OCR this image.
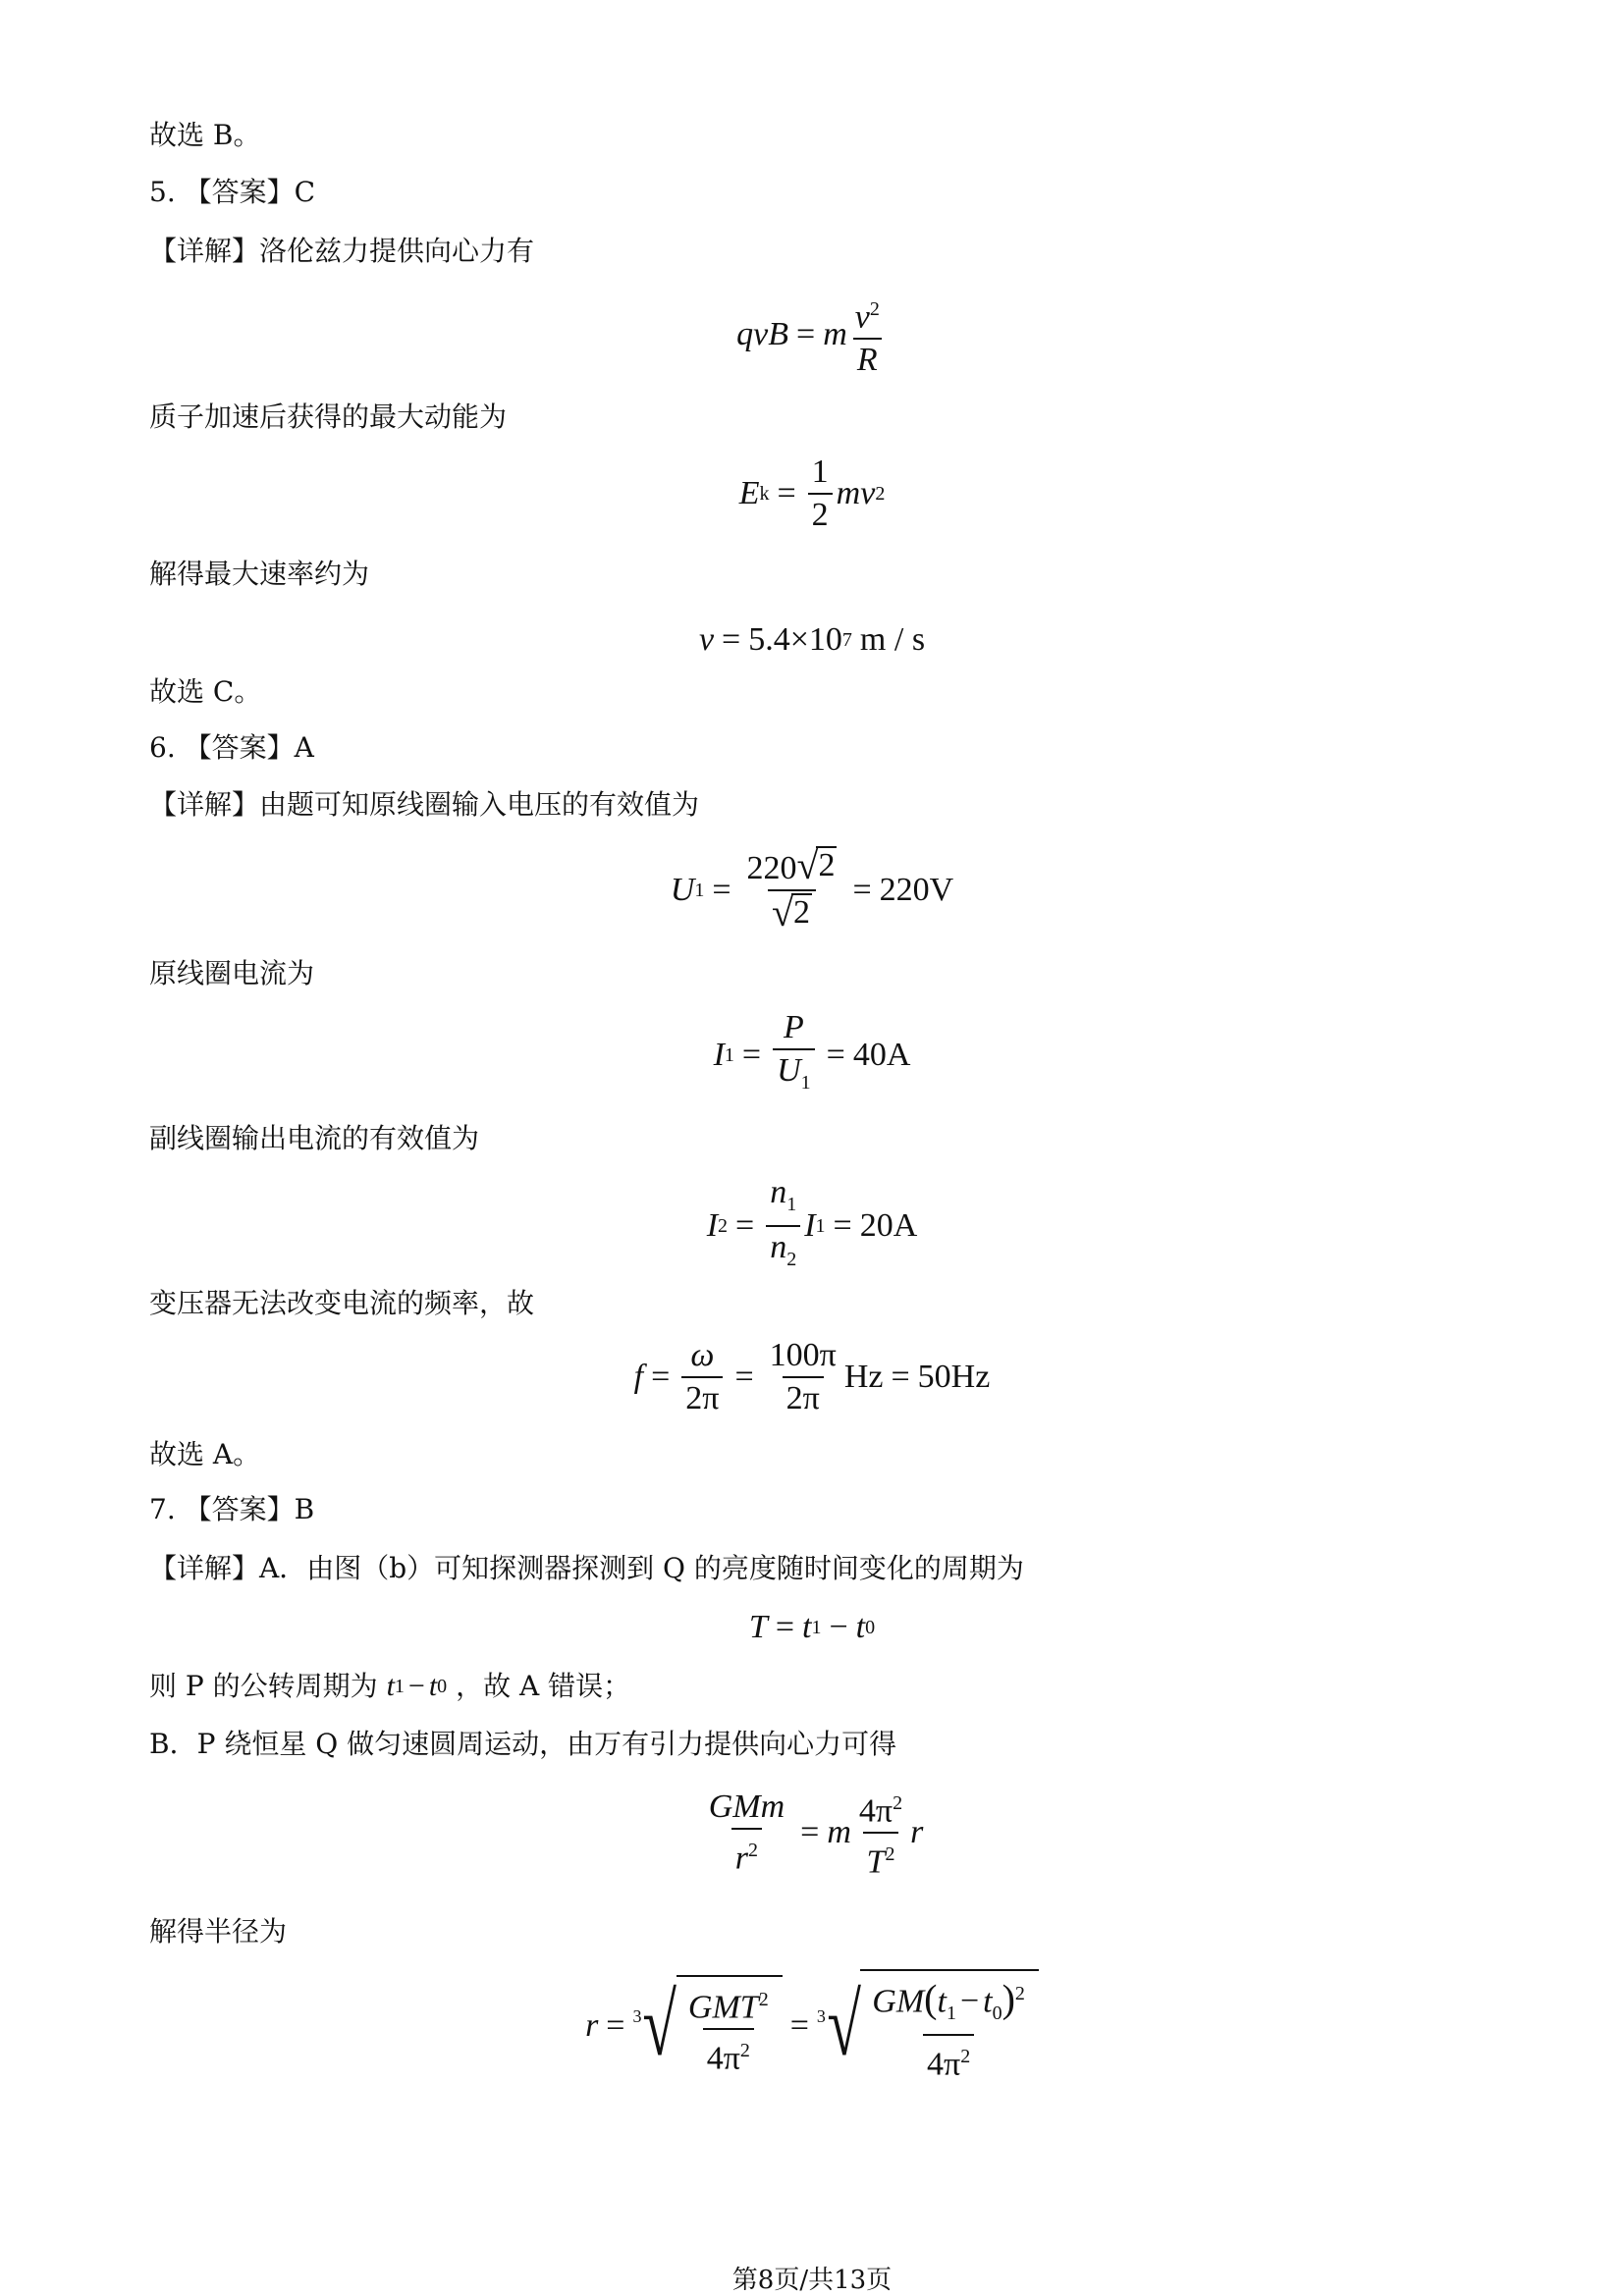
故选 B。
5. 【答案】C
【详解】洛伦兹力提供向心力有
qvB = m $\frac{v^2}{R}$
质子加速后获得的最大动能为
E $k = \frac{1}{2}$ mv 2
解得最大速率约为
v = 5.4 × 10 7 m / s
故选 C。
6. 【答案】A
【详解】由题可知原线圈输入电压的有效值为
U $1 = \frac{220 √ 2}{√ 2} = 220V$
原线圈电流为
I $1 = \frac{P}{U_1} = 40A$
副线圈输出电流的有效值为
I $2 = \frac{n_1}{n_2}$ I 1 = 20A
变压器无法改变电流的频率，故
$f = \frac{\omega}{2\pi} = \frac{100\pi}{2\pi}$ Hz = 50Hz
故选 A。
7. 【答案】B
【详解】A．由图（b）可知探测器探测到 Q 的亮度随时间变化的周期为
T = t 1 − t 0
则 P 的公转周期为 t 1 − t 0 ，故 A 错误；
B．P 绕恒星 Q 做匀速圆周运动，由万有引力提供向心力可得
$\frac{\text{GMm}}{r^2} = m \frac{4\pi^2}{T^2}$ r
解得半径为
r = 3 √ $\frac{GMT^2}{4\pi^2} = 3$ √ $\frac{GM(t_1 - t_0)^2}{4\pi^2}$
第8页/共13页
